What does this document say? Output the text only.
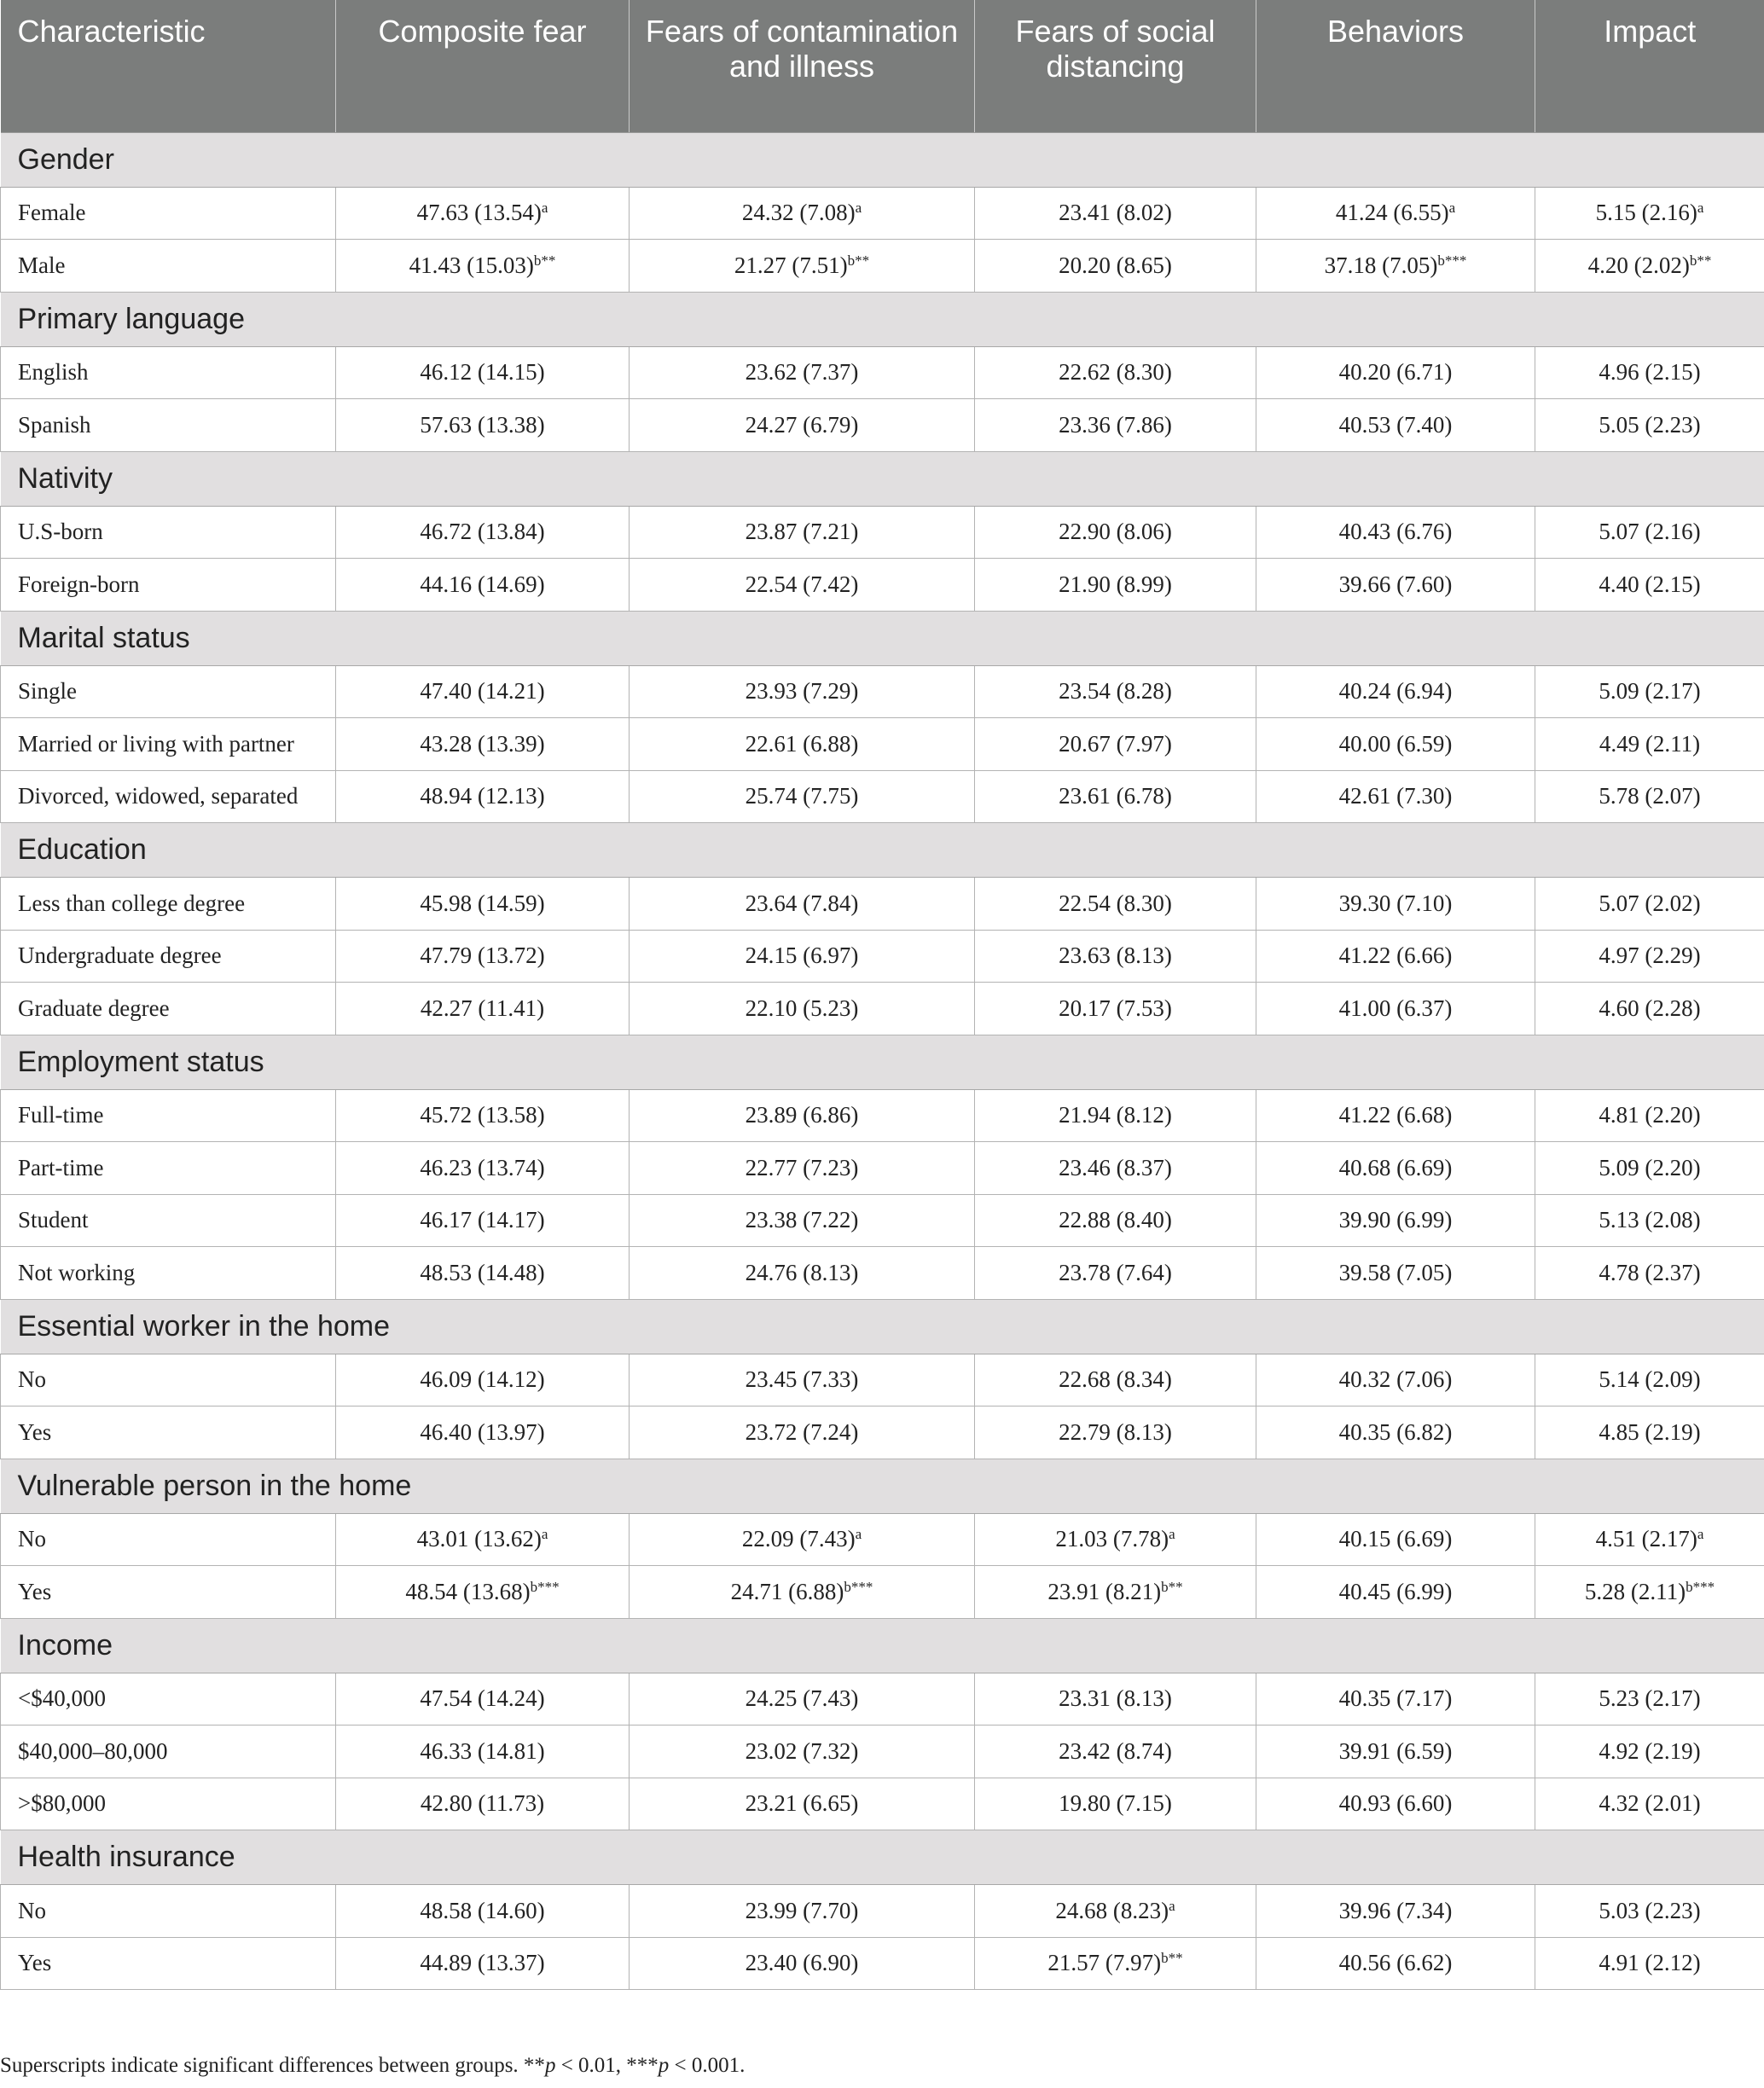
Characteristic	Composite fear	Fears of contamination and illness	Fears of social distancing	Behaviors	Impact
Gender					
Female	47.63 $(13.54)^a$	24.32 $(7.08)^a$	23.41 (8.02)	41.24 $(6.55)^a$	5.15 $(2.16)^a$
Male	41.43 $(15.03)^{b**}$	21.27 $(7.51)^{b**}$	20.20 (8.65)	37.18 $(7.05)^{b***}$	4.20 $(2.02)^{b**}$
Primary language					
English	46.12 (14.15)	23.62 (7.37)	22.62 (8.30)	40.20 (6.71)	4.96 (2.15)
Spanish	57.63 (13.38)	24.27 (6.79)	23.36 (7.86)	40.53 (7.40)	5.05 (2.23)
Nativity					
U.S-born	46.72 (13.84)	23.87 (7.21)	22.90 (8.06)	40.43 (6.76)	5.07 (2.16)
Foreign-born	44.16 (14.69)	22.54 (7.42)	21.90 (8.99)	39.66 (7.60)	4.40 (2.15)
Marital status					
Single	47.40 (14.21)	23.93 (7.29)	23.54 (8.28)	40.24 (6.94)	5.09 (2.17)
Married or living with partner	43.28 (13.39)	22.61 (6.88)	20.67 (7.97)	40.00 (6.59)	4.49 (2.11)
Divorced, widowed, separated	48.94 (12.13)	25.74 (7.75)	23.61 (6.78)	42.61 (7.30)	5.78 (2.07)
Education					
Less than college degree	45.98 (14.59)	23.64 (7.84)	22.54 (8.30)	39.30 (7.10)	5.07 (2.02)
Undergraduate degree	47.79 (13.72)	24.15 (6.97)	23.63 (8.13)	41.22 (6.66)	4.97 (2.29)
Graduate degree	42.27 (11.41)	22.10 (5.23)	20.17 (7.53)	41.00 (6.37)	4.60 (2.28)
Employment status					
Full-time	45.72 (13.58)	23.89 (6.86)	21.94 (8.12)	41.22 (6.68)	4.81 (2.20)
Part-time	46.23 (13.74)	22.77 (7.23)	23.46 (8.37)	40.68 (6.69)	5.09 (2.20)
Student	46.17 (14.17)	23.38 (7.22)	22.88 (8.40)	39.90 (6.99)	5.13 (2.08)
Not working	48.53 (14.48)	24.76 (8.13)	23.78 (7.64)	39.58 (7.05)	4.78 (2.37)
Essential worker in the home					
No	46.09 (14.12)	23.45 (7.33)	22.68 (8.34)	40.32 (7.06)	5.14 (2.09)
Yes	46.40 (13.97)	23.72 (7.24)	22.79 (8.13)	40.35 (6.82)	4.85 (2.19)
Vulnerable person in the home					
No	43.01 $(13.62)^a$	22.09 $(7.43)^a$	21.03 $(7.78)^a$	40.15 (6.69)	4.51 $(2.17)^a$
Yes	48.54 $(13.68)^{b***}$	24.71 $(6.88)^{b***}$	23.91 $(8.21)^{b**}$	40.45 (6.99)	5.28 $(2.11)^{b***}$
Income					
<$40,000	47.54 (14.24)	24.25 (7.43)	23.31 (8.13)	40.35 (7.17)	5.23 (2.17)
$40,000–80,000	46.33 (14.81)	23.02 (7.32)	23.42 (8.74)	39.91 (6.59)	4.92 (2.19)
>$80,000	42.80 (11.73)	23.21 (6.65)	19.80 (7.15)	40.93 (6.60)	4.32 (2.01)
Health insurance					
No	48.58 (14.60)	23.99 (7.70)	24.68 $(8.23)^a$	39.96 (7.34)	5.03 (2.23)
Yes	44.89 (13.37)	23.40 (6.90)	21.57 $(7.97)^{b**}$	40.56 (6.62)	4.91 (2.12)
Superscripts indicate significant differences between groups. **p < 0.01, ***p < 0.001.
